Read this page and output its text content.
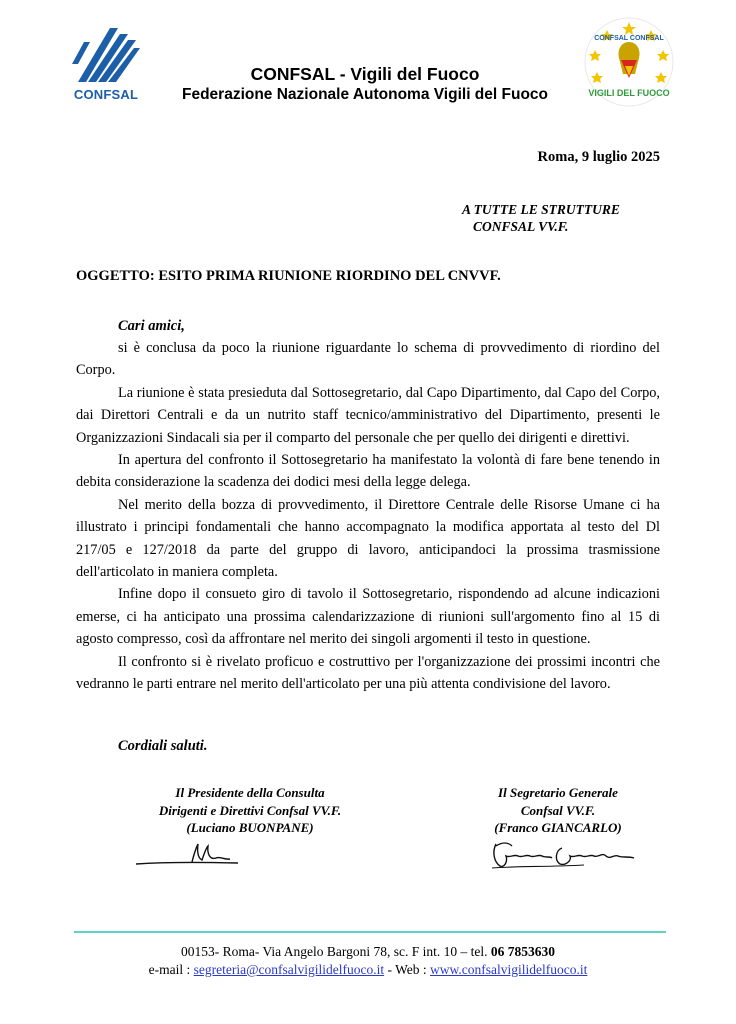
CONFSAL
CONFSAL - Vigili del Fuoco
Federazione Nazionale Autonoma Vigili del Fuoco	VIGILI DEL FUOCO
CONFSAL CONFSAL
Roma, 9 luglio 2025
A TUTTE LE STRUTTURE
CONFSAL VV.F.
OGGETTO: ESITO PRIMA RIUNIONE RIORDINO DEL CNVVF.
Cari amici,

si è conclusa da poco la riunione riguardante lo schema di provvedimento di riordino del Corpo.

La riunione è stata presieduta dal Sottosegretario, dal Capo Dipartimento, dal Capo del Corpo, dai Direttori Centrali e da un nutrito staff tecnico/amministrativo del Dipartimento, presenti le Organizzazioni Sindacali sia per il comparto del personale che per quello dei dirigenti e direttivi.

In apertura del confronto il Sottosegretario ha manifestato la volontà di fare bene tenendo in debita considerazione la scadenza dei dodici mesi della legge delega.

Nel merito della bozza di provvedimento, il Direttore Centrale delle Risorse Umane ci ha illustrato i principi fondamentali che hanno accompagnato la modifica apportata al testo del Dl 217/05 e 127/2018 da parte del gruppo di lavoro, anticipandoci la prossima trasmissione dell'articolato in maniera completa.

Infine dopo il consueto giro di tavolo il Sottosegretario, rispondendo ad alcune indicazioni emerse, ci ha anticipato una prossima calendarizzazione di riunioni sull'argomento fino al 15 di agosto compresso, così da affrontare nel merito dei singoli argomenti il testo in questione.

Il confronto si è rivelato proficuo e costruttivo per l'organizzazione dei prossimi incontri che vedranno le parti entrare nel merito dell'articolato per una più attenta condivisione del lavoro.

Cordiali saluti.
Il Presidente della Consulta
Dirigenti e Direttivi Confsal VV.F.
(Luciano BUONPANE)
Il Segretario Generale
Confsal VV.F.
(Franco GIANCARLO)
00153- Roma- Via Angelo Bargoni 78, sc. F int. 10 – tel. 06 7853630
e-mail : segreteria@confsalvigilidelfuoco.it - Web : www.confsalvigilidelfuoco.it
